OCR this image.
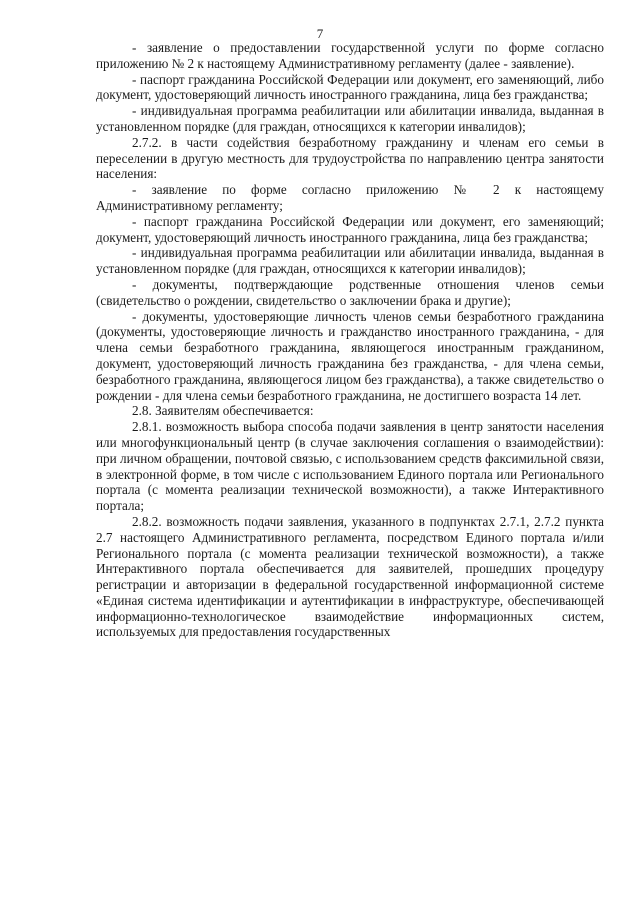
7

- заявление о предоставлении государственной услуги по форме согласно приложению № 2 к настоящему Административному регламенту (далее - заявление).

- паспорт гражданина Российской Федерации или документ, его заменяющий, либо документ, удостоверяющий личность иностранного гражданина, лица без гражданства;

- индивидуальная программа реабилитации или абилитации инвалида, выданная в установленном порядке (для граждан, относящихся к категории инвалидов);

2.7.2. в части содействия безработному гражданину и членам его семьи в переселении в другую местность для трудоустройства по направлению центра занятости населения:

- заявление по форме согласно приложению № 2 к настоящему Административному регламенту;

- паспорт гражданина Российской Федерации или документ, его заменяющий; документ, удостоверяющий личность иностранного гражданина, лица без гражданства;

- индивидуальная программа реабилитации или абилитации инвалида, выданная в установленном порядке (для граждан, относящихся к категории инвалидов);

- документы, подтверждающие родственные отношения членов семьи (свидетельство о рождении, свидетельство о заключении брака и другие);

- документы, удостоверяющие личность членов семьи безработного гражданина (документы, удостоверяющие личность и гражданство иностранного гражданина, - для члена семьи безработного гражданина, являющегося иностранным гражданином, документ, удостоверяющий личность гражданина без гражданства, - для члена семьи, безработного гражданина, являющегося лицом без гражданства), а также свидетельство о рождении - для члена семьи безработного гражданина, не достигшего возраста 14 лет.

2.8. Заявителям обеспечивается:

2.8.1. возможность выбора способа подачи заявления в центр занятости населения или многофункциональный центр (в случае заключения соглашения о взаимодействии): при личном обращении, почтовой связью, с использованием средств факсимильной связи, в электронной форме, в том числе с использованием Единого портала или Регионального портала (с момента реализации технической возможности), а также Интерактивного портала;

2.8.2. возможность подачи заявления, указанного в подпунктах 2.7.1, 2.7.2 пункта 2.7 настоящего Административного регламента, посредством Единого портала и/или Регионального портала (с момента реализации технической возможности), а также Интерактивного портала обеспечивается для заявителей, прошедших процедуру регистрации и авторизации в федеральной государственной информационной системе «Единая система идентификации и аутентификации в инфраструктуре, обеспечивающей информационно-технологическое взаимодействие информационных систем, используемых для предоставления государственных
